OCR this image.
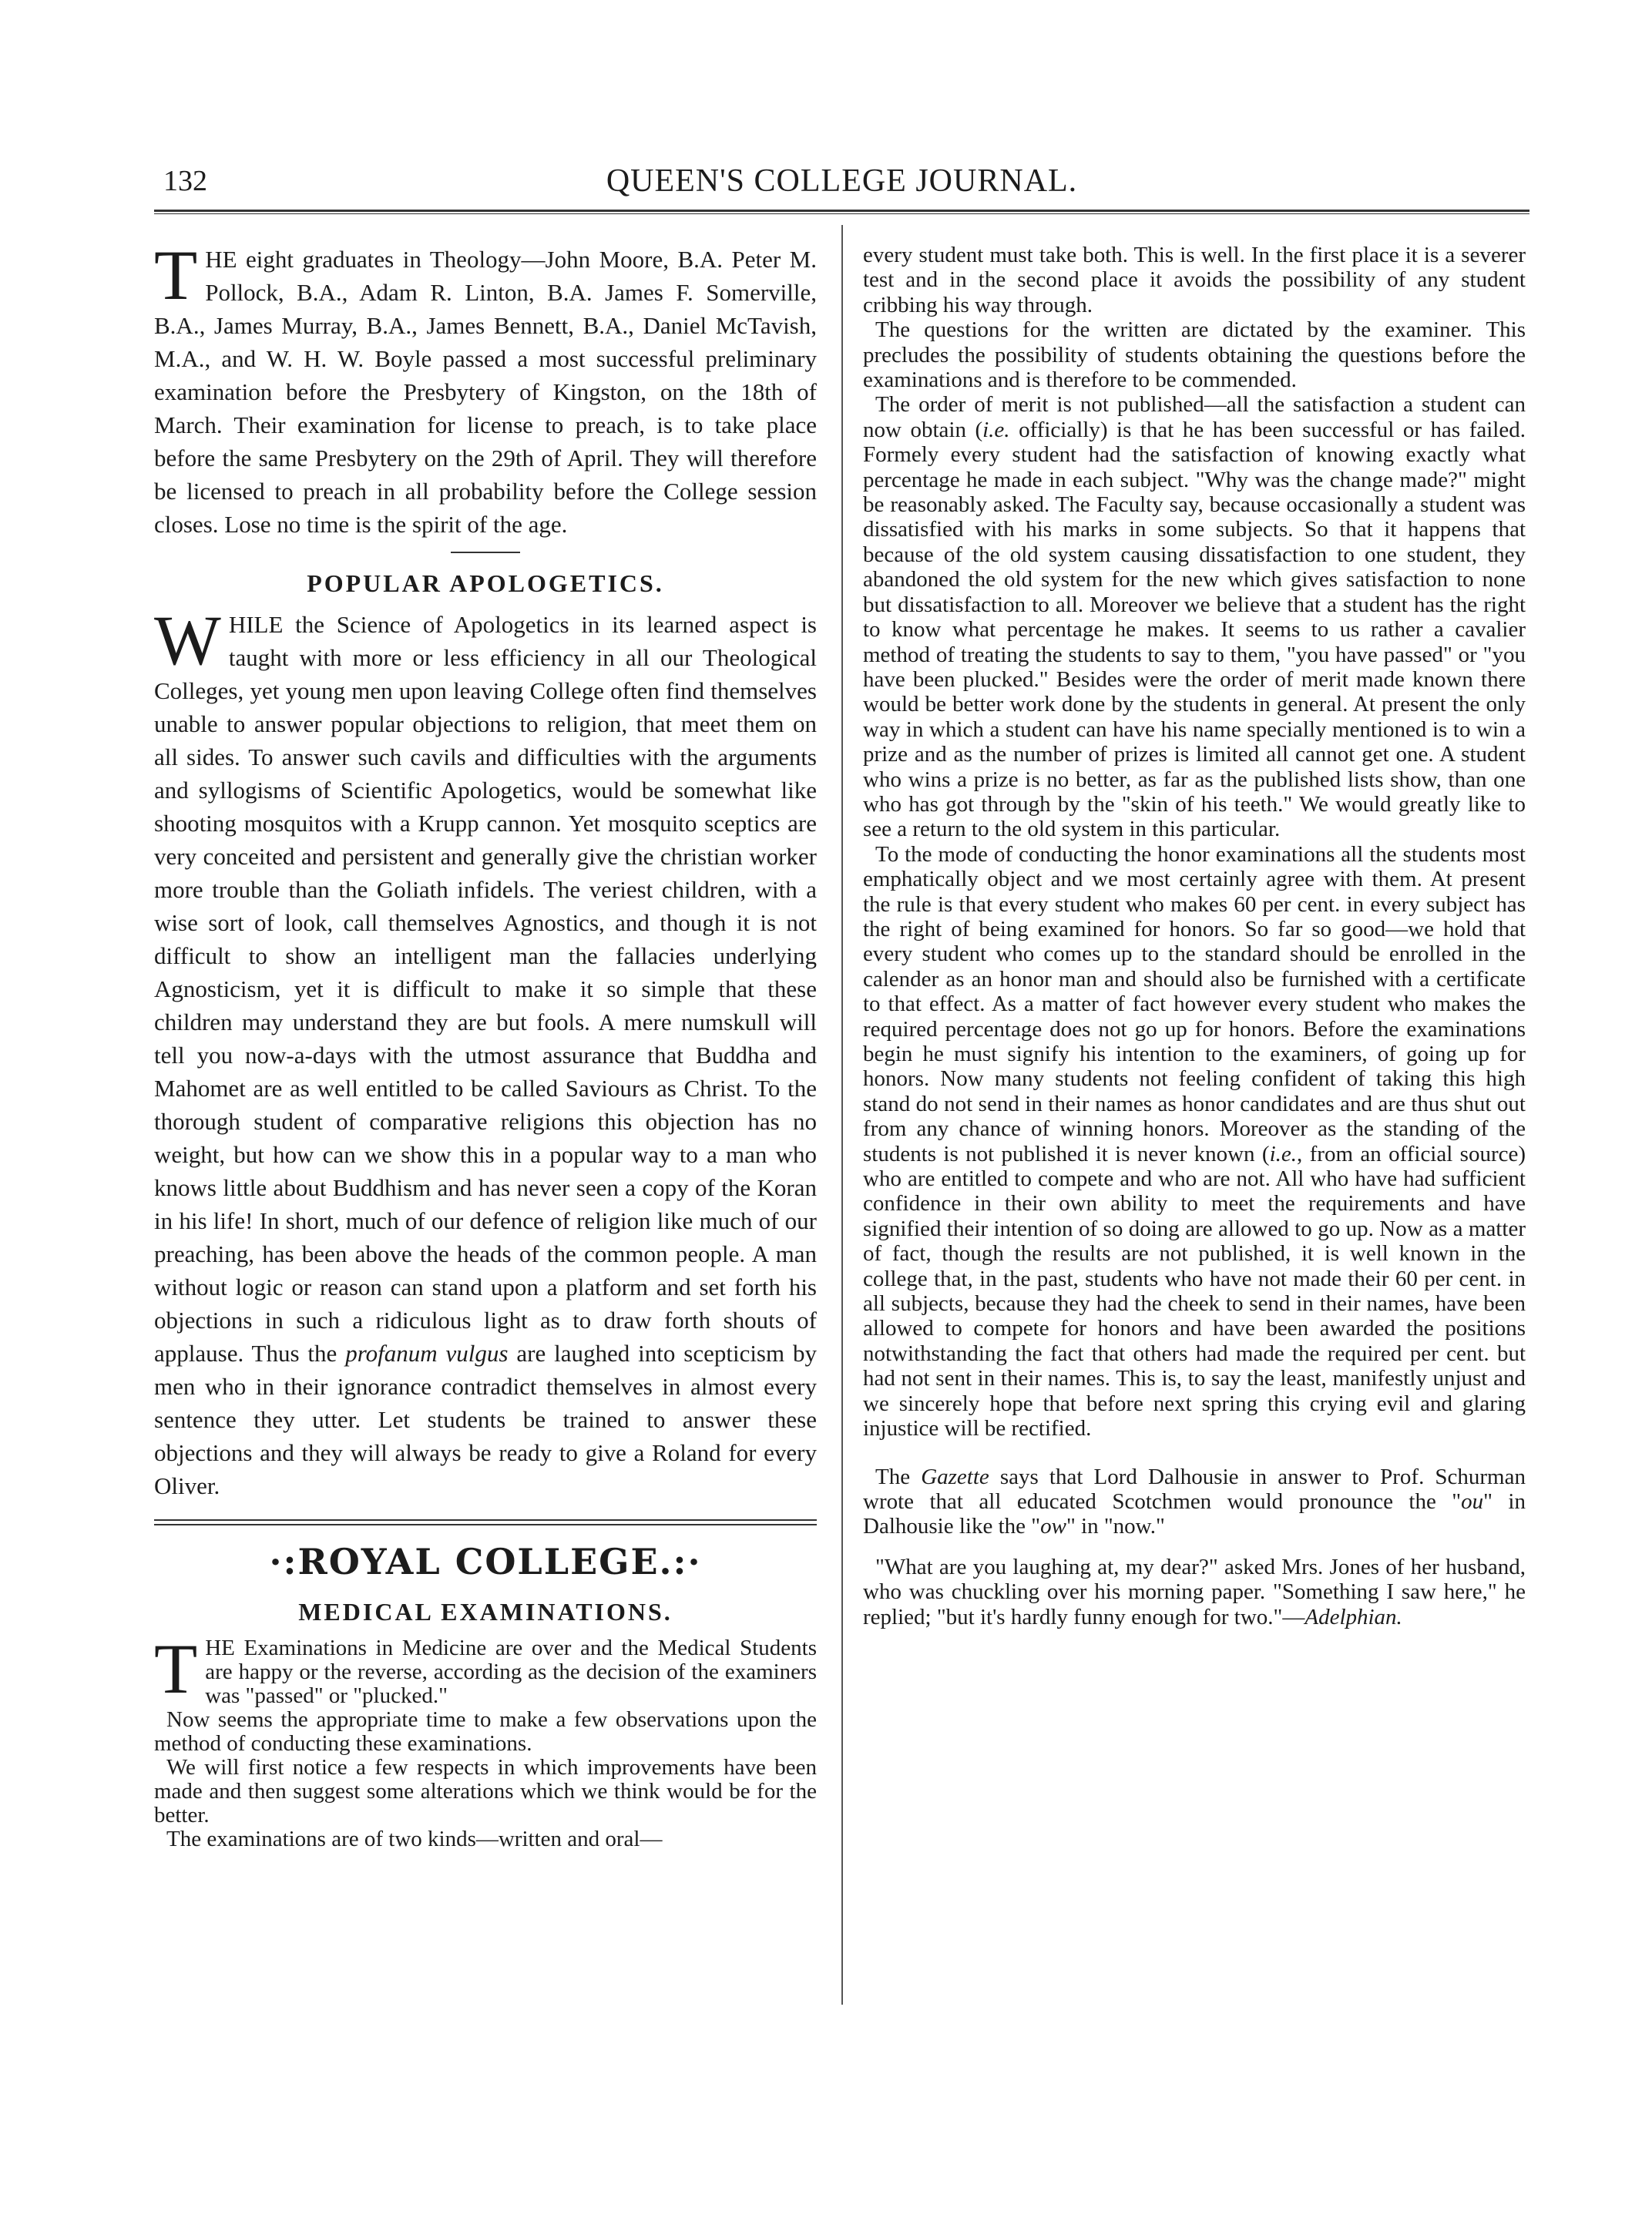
132	QUEEN'S COLLEGE JOURNAL.

THE eight graduates in Theology—John Moore, B.A. Peter M. Pollock, B.A., Adam R. Linton, B.A. James F. Somerville, B.A., James Murray, B.A., James Bennett, B.A., Daniel McTavish, M.A., and W. H. W. Boyle passed a most successful preliminary examination before the Presbytery of Kingston, on the 18th of March. Their examination for license to preach, is to take place before the same Presbytery on the 29th of April. They will therefore be licensed to preach in all probability before the College session closes. Lose no time is the spirit of the age.

POPULAR APOLOGETICS.

WHILE the Science of Apologetics in its learned aspect is taught with more or less efficiency in all our Theological Colleges, yet young men upon leaving College often find themselves unable to answer popular objections to religion, that meet them on all sides. To answer such cavils and difficulties with the arguments and syllogisms of Scientific Apologetics, would be somewhat like shooting mosquitos with a Krupp cannon. Yet mosquito sceptics are very conceited and persistent and generally give the christian worker more trouble than the Goliath infidels. The veriest children, with a wise sort of look, call themselves Agnostics, and though it is not difficult to show an intelligent man the fallacies underlying Agnosticism, yet it is difficult to make it so simple that these children may understand they are but fools. A mere numskull will tell you now-a-days with the utmost assurance that Buddha and Mahomet are as well entitled to be called Saviours as Christ. To the thorough student of comparative religions this objection has no weight, but how can we show this in a popular way to a man who knows little about Buddhism and has never seen a copy of the Koran in his life! In short, much of our defence of religion like much of our preaching, has been above the heads of the common people. A man without logic or reason can stand upon a platform and set forth his objections in such a ridiculous light as to draw forth shouts of applause. Thus the profanum vulgus are laughed into scepticism by men who in their ignorance contradict themselves in almost every sentence they utter. Let students be trained to answer these objections and they will always be ready to give a Roland for every Oliver.

·:ROYAL COLLEGE.:·
MEDICAL EXAMINATIONS.

THE Examinations in Medicine are over and the Medical Students are happy or the reverse, according as the decision of the examiners was "passed" or "plucked."

Now seems the appropriate time to make a few observations upon the method of conducting these examinations.

We will first notice a few respects in which improvements have been made and then suggest some alterations which we think would be for the better.

The examinations are of two kinds—written and oral—

every student must take both. This is well. In the first place it is a severer test and in the second place it avoids the possibility of any student cribbing his way through.

The questions for the written are dictated by the examiner. This precludes the possibility of students obtaining the questions before the examinations and is therefore to be commended.

The order of merit is not published—all the satisfaction a student can now obtain (i.e. officially) is that he has been successful or has failed. Formely every student had the satisfaction of knowing exactly what percentage he made in each subject. "Why was the change made?" might be reasonably asked. The Faculty say, because occasionally a student was dissatisfied with his marks in some subjects. So that it happens that because of the old system causing dissatisfaction to one student, they abandoned the old system for the new which gives satisfaction to none but dissatisfaction to all. Moreover we believe that a student has the right to know what percentage he makes. It seems to us rather a cavalier method of treating the students to say to them, "you have passed" or "you have been plucked." Besides were the order of merit made known there would be better work done by the students in general. At present the only way in which a student can have his name specially mentioned is to win a prize and as the number of prizes is limited all cannot get one. A student who wins a prize is no better, as far as the published lists show, than one who has got through by the "skin of his teeth." We would greatly like to see a return to the old system in this particular.

To the mode of conducting the honor examinations all the students most emphatically object and we most certainly agree with them. At present the rule is that every student who makes 60 per cent. in every subject has the right of being examined for honors. So far so good—we hold that every student who comes up to the standard should be enrolled in the calender as an honor man and should also be furnished with a certificate to that effect. As a matter of fact however every student who makes the required percentage does not go up for honors. Before the examinations begin he must signify his intention to the examiners, of going up for honors. Now many students not feeling confident of taking this high stand do not send in their names as honor candidates and are thus shut out from any chance of winning honors. Moreover as the standing of the students is not published it is never known (i.e., from an official source) who are entitled to compete and who are not. All who have had sufficient confidence in their own ability to meet the requirements and have signified their intention of so doing are allowed to go up. Now as a matter of fact, though the results are not published, it is well known in the college that, in the past, students who have not made their 60 per cent. in all subjects, because they had the cheek to send in their names, have been allowed to compete for honors and have been awarded the positions notwithstanding the fact that others had made the required per cent. but had not sent in their names. This is, to say the least, manifestly unjust and we sincerely hope that before next spring this crying evil and glaring injustice will be rectified.

The Gazette says that Lord Dalhousie in answer to Prof. Schurman wrote that all educated Scotchmen would pronounce the "ou" in Dalhousie like the "ow" in "now."

"What are you laughing at, my dear?" asked Mrs. Jones of her husband, who was chuckling over his morning paper. "Something I saw here," he replied; "but it's hardly funny enough for two."—Adelphian.
